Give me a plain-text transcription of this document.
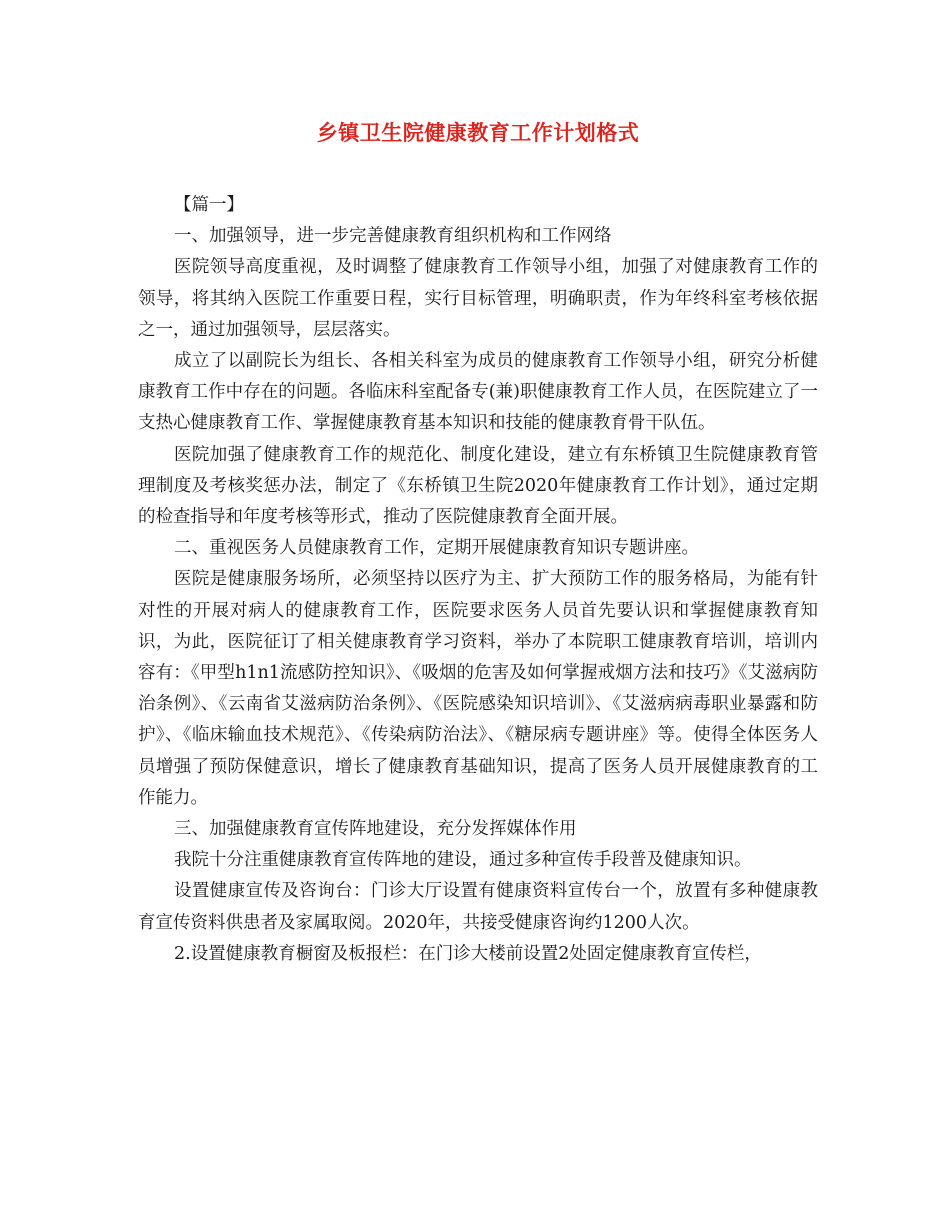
乡镇卫生院健康教育工作计划格式

【篇一】

一、加强领导，进一步完善健康教育组织机构和工作网络

医院领导高度重视，及时调整了健康教育工作领导小组，加强了对健康教育工作的领导，将其纳入医院工作重要日程，实行目标管理，明确职责，作为年终科室考核依据之一，通过加强领导，层层落实。

成立了以副院长为组长、各相关科室为成员的健康教育工作领导小组，研究分析健康教育工作中存在的问题。各临床科室配备专(兼)职健康教育工作人员，在医院建立了一支热心健康教育工作、掌握健康教育基本知识和技能的健康教育骨干队伍。

医院加强了健康教育工作的规范化、制度化建设，建立有东桥镇卫生院健康教育管理制度及考核奖惩办法，制定了《东桥镇卫生院2020年健康教育工作计划》，通过定期的检查指导和年度考核等形式，推动了医院健康教育全面开展。

二、重视医务人员健康教育工作，定期开展健康教育知识专题讲座。

医院是健康服务场所，必须坚持以医疗为主、扩大预防工作的服务格局，为能有针对性的开展对病人的健康教育工作，医院要求医务人员首先要认识和掌握健康教育知识，为此，医院征订了相关健康教育学习资料，举办了本院职工健康教育培训，培训内容有：《甲型h1n1流感防控知识》、《吸烟的危害及如何掌握戒烟方法和技巧》《艾滋病防治条例》、《云南省艾滋病防治条例》、《医院感染知识培训》、《艾滋病病毒职业暴露和防护》、《临床输血技术规范》、《传染病防治法》、《糖尿病专题讲座》等。使得全体医务人员增强了预防保健意识，增长了健康教育基础知识，提高了医务人员开展健康教育的工作能力。

三、加强健康教育宣传阵地建设，充分发挥媒体作用

我院十分注重健康教育宣传阵地的建设，通过多种宣传手段普及健康知识。

设置健康宣传及咨询台：门诊大厅设置有健康资料宣传台一个，放置有多种健康教育宣传资料供患者及家属取阅。2020年，共接受健康咨询约1200人次。

2.设置健康教育橱窗及板报栏：在门诊大楼前设置2处固定健康教育宣传栏，
